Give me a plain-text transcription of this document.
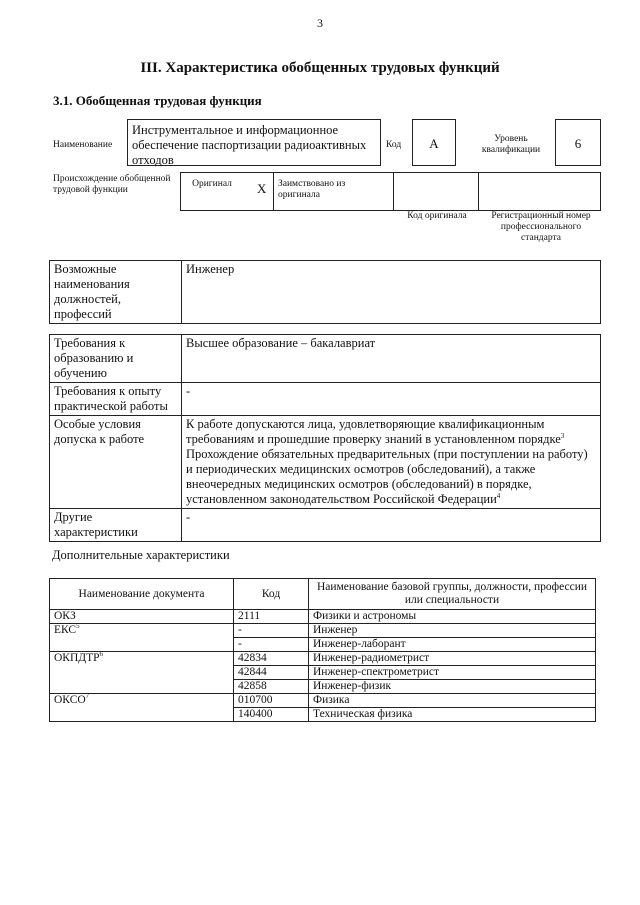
3
III. Характеристика обобщенных трудовых функций
3.1. Обобщенная трудовая функция
Наименование
Инструментальное и информационное обеспечение паспортизации радиоактивных отходов
Код	A	Уровень квалификации	6
Происхождение обобщенной трудовой функции
Оригинал X Заимствовано из оригинала
Код оригинала	Регистрационный номер профессионального стандарта
Возможные наименования должностей, профессий	Инженер
Требования к образованию и обучению	Высшее образование – бакалавриат
Требования к опыту практической работы	-
Особые условия допуска к работе	К работе допускаются лица, удовлетворяющие квалификационным требованиям и прошедшие проверку знаний в установленном порядке$^3$
Прохождение обязательных предварительных (при поступлении на работу) и периодических медицинских осмотров (обследований), а также внеочередных медицинских осмотров (обследований) в порядке, установленном законодательством Российской Федерации$^4$
Другие характеристики	-
Дополнительные характеристики
Наименование документа	Код	Наименование базовой группы, должности, профессии или специальности
ОКЗ	2111	Физики и астрономы
ЕКС$^5$	-	Инженер
	-	Инженер-лаборант
ОКПДТР$^6$	42834	Инженер-радиометрист
	42844	Инженер-спектрометрист
	42858	Инженер-физик
ОКСО$^7$	010700	Физика
	140400	Техническая физика
